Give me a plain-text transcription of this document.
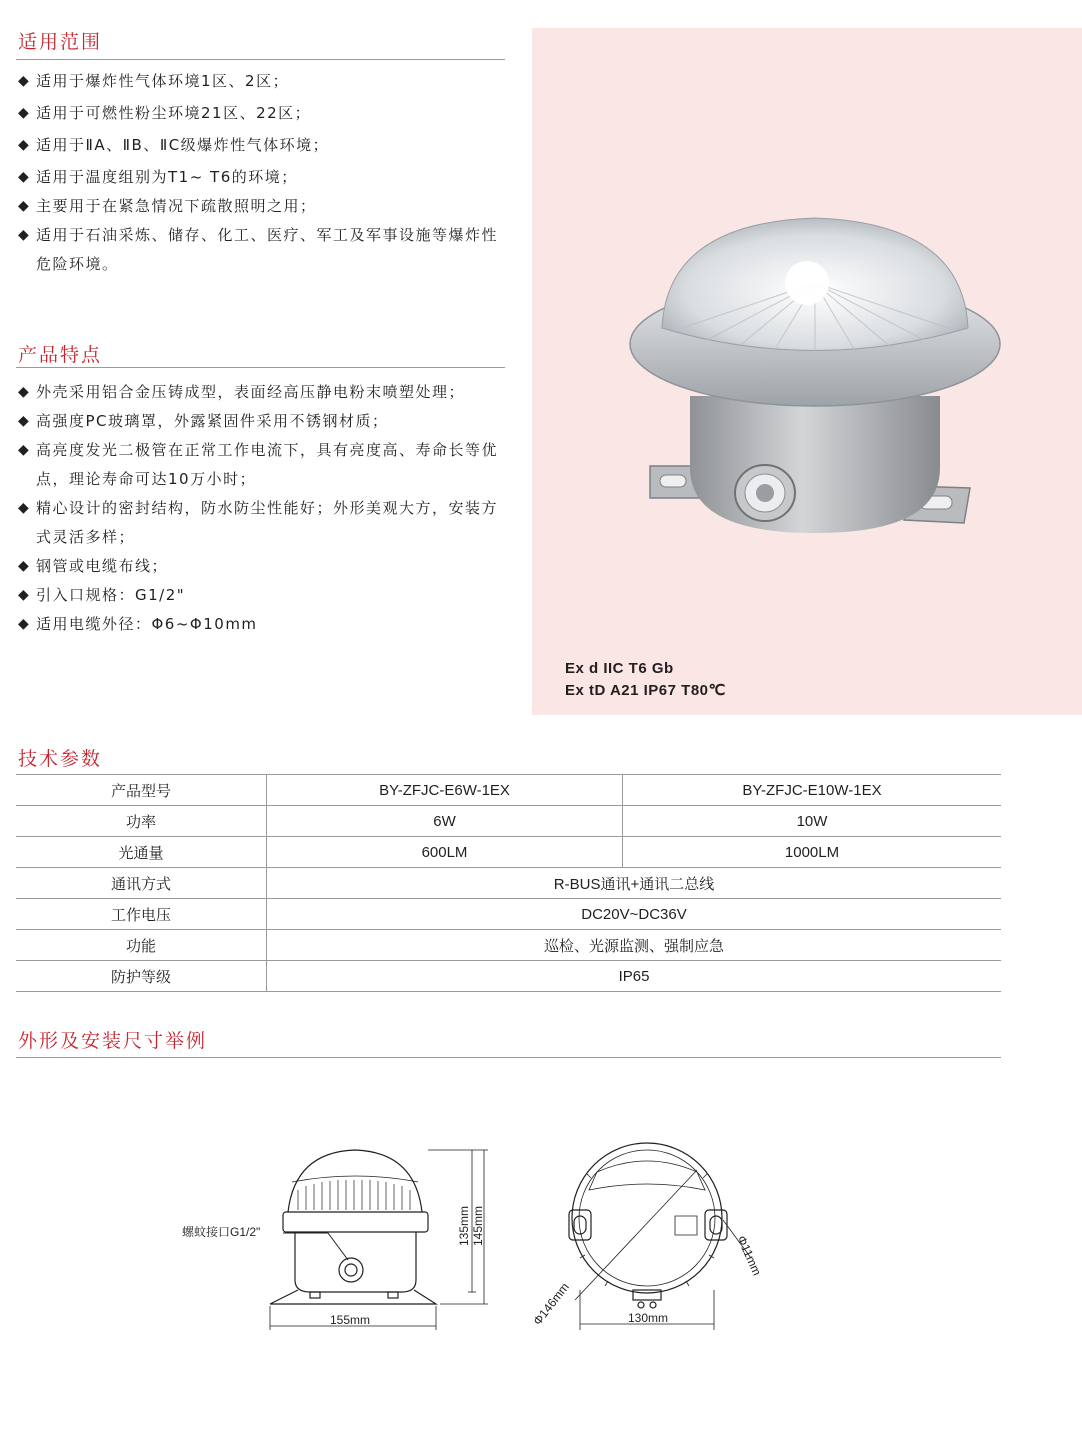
适用范围
◆ 适用于爆炸性气体环境1区、2区；
◆ 适用于可燃性粉尘环境21区、22区；
◆ 适用于ⅡA、ⅡB、ⅡC级爆炸性气体环境；
◆ 适用于温度组别为T1~ T6的环境；
◆ 主要用于在紧急情况下疏散照明之用；
◆ 适用于石油采炼、储存、化工、医疗、军工及军事设施等爆炸性危险环境。
产品特点
◆ 外壳采用铝合金压铸成型，表面经高压静电粉末喷塑处理；
◆ 高强度PC玻璃罩，外露紧固件采用不锈钢材质；
◆ 高亮度发光二极管在正常工作电流下，具有亮度高、寿命长等优点，理论寿命可达10万小时；
◆ 精心设计的密封结构，防水防尘性能好；外形美观大方，安装方式灵活多样；
◆ 钢管或电缆布线；
◆ 引入口规格：G1/2"
◆ 适用电缆外径：Φ6~Φ10mm
Ex d IIC T6 Gb
Ex tD A21 IP67 T80℃
技术参数
产品型号	BY-ZFJC-E6W-1EX	BY-ZFJC-E10W-1EX
功率	6W	10W
光通量	600LM	1000LM
通讯方式	R-BUS通讯+通讯二总线	
工作电压	DC20V~DC36V	
功能	巡检、光源监测、强制应急	
防护等级	IP65	
外形及安装尺寸举例
螺蚊接口G1/2"	135mm 145mm
155mm	Φ146mm
Φ11mm
130mm
